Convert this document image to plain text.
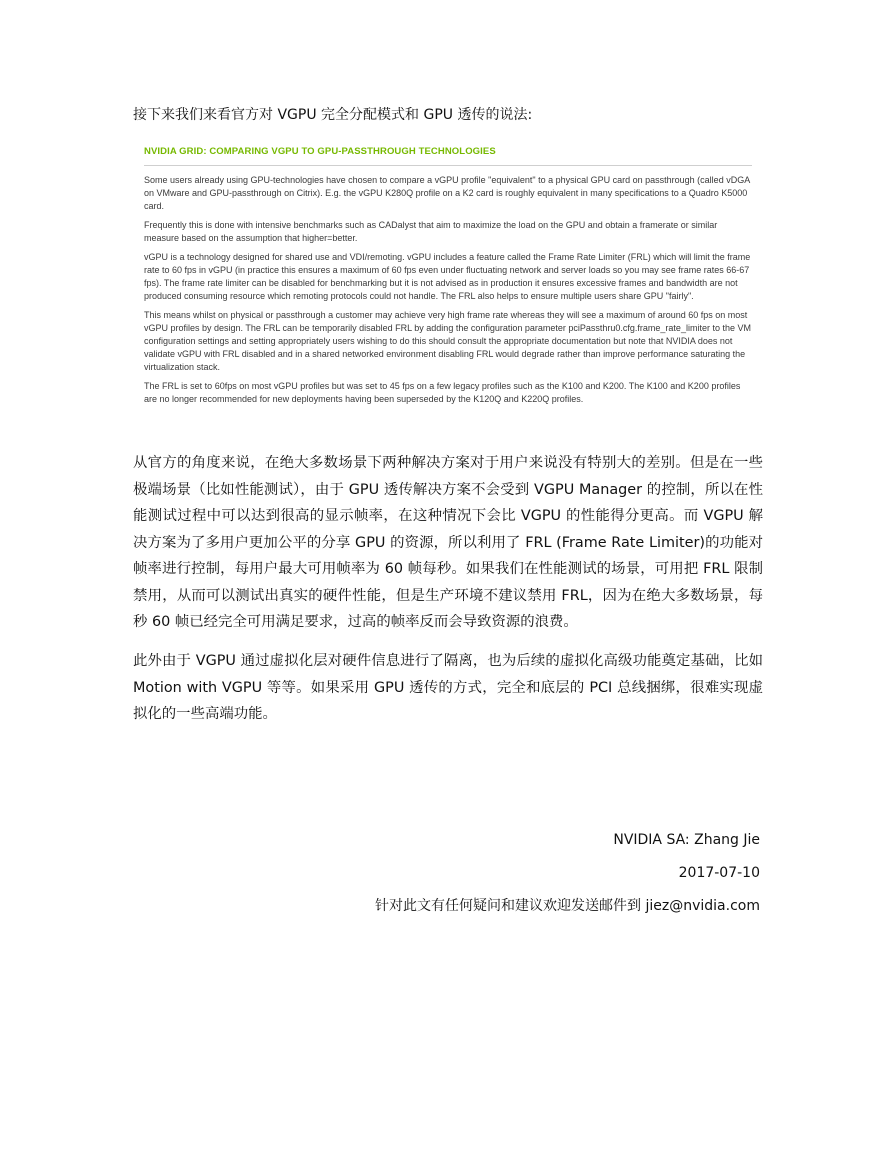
接下来我们来看官方对 VGPU 完全分配模式和 GPU 透传的说法:
NVIDIA GRID: COMPARING VGPU TO GPU-PASSTHROUGH TECHNOLOGIES

Some users already using GPU-technologies have chosen to compare a vGPU profile "equivalent" to a physical GPU card on passthrough (called vDGA on VMware and GPU-passthrough on Citrix). E.g. the vGPU K280Q profile on a K2 card is roughly equivalent in many specifications to a Quadro K5000 card.

Frequently this is done with intensive benchmarks such as CADalyst that aim to maximize the load on the GPU and obtain a framerate or similar measure based on the assumption that higher=better.

vGPU is a technology designed for shared use and VDI/remoting. vGPU includes a feature called the Frame Rate Limiter (FRL) which will limit the frame rate to 60 fps in vGPU (in practice this ensures a maximum of 60 fps even under fluctuating network and server loads so you may see frame rates 66-67 fps). The frame rate limiter can be disabled for benchmarking but it is not advised as in production it ensures excessive frames and bandwidth are not produced consuming resource which remoting protocols could not handle. The FRL also helps to ensure multiple users share GPU "fairly".

This means whilst on physical or passthrough a customer may achieve very high frame rate whereas they will see a maximum of around 60 fps on most vGPU profiles by design. The FRL can be temporarily disabled FRL by adding the configuration parameter pciPassthru0.cfg.frame_rate_limiter to the VM configuration settings and setting appropriately users wishing to do this should consult the appropriate documentation but note that NVIDIA does not validate vGPU with FRL disabled and in a shared networked environment disabling FRL would degrade rather than improve performance saturating the virtualization stack.

The FRL is set to 60fps on most vGPU profiles but was set to 45 fps on a few legacy profiles such as the K100 and K200. The K100 and K200 profiles are no longer recommended for new deployments having been superseded by the K120Q and K220Q profiles.

从官方的角度来说，在绝大多数场景下两种解决方案对于用户来说没有特别大的差别。但是在一些极端场景（比如性能测试），由于 GPU 透传解决方案不会受到 VGPU Manager 的控制，所以在性能测试过程中可以达到很高的显示帧率，在这种情况下会比 VGPU 的性能得分更高。而 VGPU 解决方案为了多用户更加公平的分享 GPU 的资源，所以利用了 FRL (Frame Rate Limiter)的功能对帧率进行控制，每用户最大可用帧率为 60 帧每秒。如果我们在性能测试的场景，可用把 FRL 限制禁用，从而可以测试出真实的硬件性能，但是生产环境不建议禁用 FRL，因为在绝大多数场景，每秒 60 帧已经完全可用满足要求，过高的帧率反而会导致资源的浪费。

此外由于 VGPU 通过虚拟化层对硬件信息进行了隔离，也为后续的虚拟化高级功能奠定基础，比如 Motion with VGPU 等等。如果采用 GPU 透传的方式，完全和底层的 PCI 总线捆绑，很难实现虚拟化的一些高端功能。

NVIDIA SA: Zhang Jie
2017-07-10
针对此文有任何疑问和建议欢迎发送邮件到 jiez@nvidia.com
